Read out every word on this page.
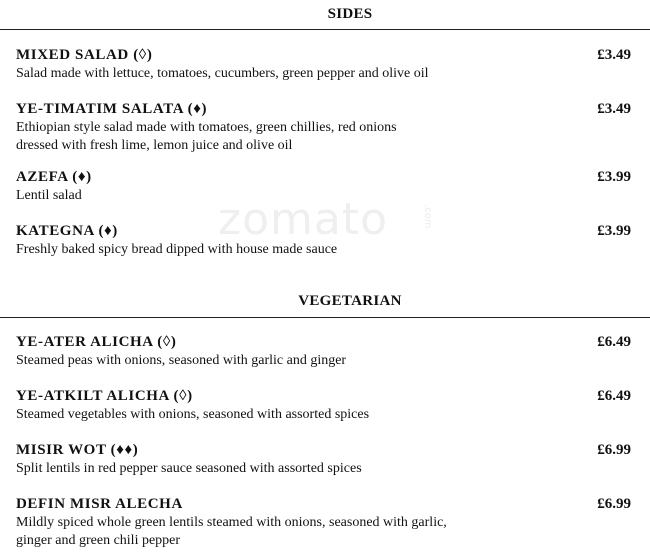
zomato	.com
SIDES
MIXED SALAD (◊)	£3.49
Salad made with lettuce, tomatoes, cucumbers, green pepper and olive oil
YE-TIMATIM SALATA (♦)	£3.49
Ethiopian style salad made with tomatoes, green chillies, red onions
dressed with fresh lime, lemon juice and olive oil
AZEFA (♦)	£3.99
Lentil salad
KATEGNA (♦)	£3.99
Freshly baked spicy bread dipped with house made sauce
VEGETARIAN
YE-ATER ALICHA (◊)	£6.49
Steamed peas with onions, seasoned with garlic and ginger
YE-ATKILT ALICHA (◊)	£6.49
Steamed vegetables with onions, seasoned with assorted spices
MISIR WOT (♦♦)	£6.99
Split lentils in red pepper sauce seasoned with assorted spices
DEFIN MISR ALECHA	£6.99
Mildly spiced whole green lentils steamed with onions, seasoned with garlic,
ginger and green chili pepper
